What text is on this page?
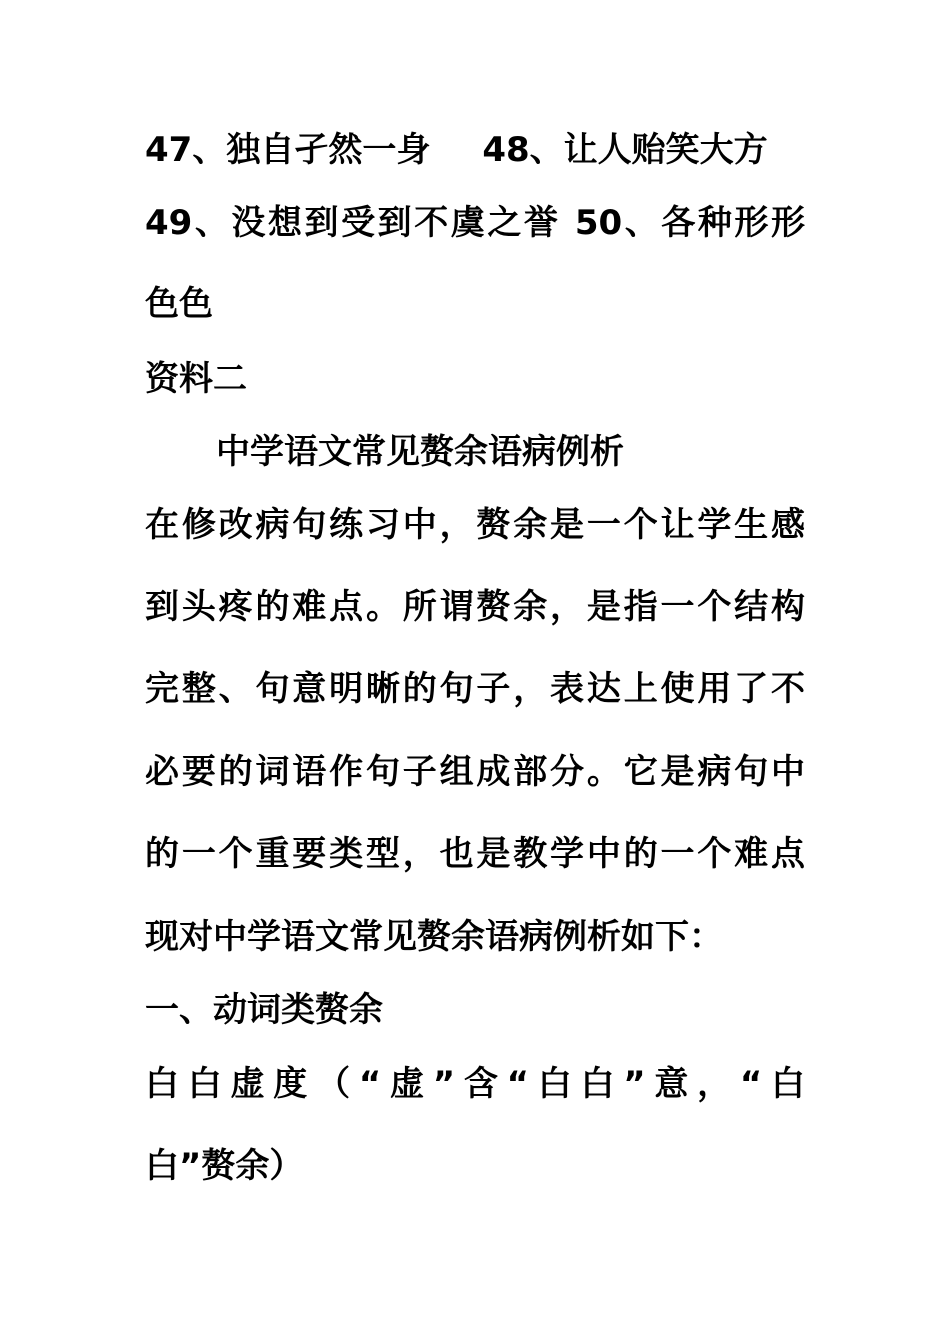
47、独自孑然一身 48、让人贻笑大方
49、没想到受到不虞之誉 50、各种形形
色色
资料二
中学语文常见赘余语病例析
在修改病句练习中，赘余是一个让学生感
到头疼的难点。所谓赘余，是指一个结构
完整、句意明晰的句子，表达上使用了不
必要的词语作句子组成部分。它是病句中
的一个重要类型，也是教学中的一个难点
现对中学语文常见赘余语病例析如下：
一、动词类赘余
白白虚度（“虚”含“白白”意，“白
白”赘余）
